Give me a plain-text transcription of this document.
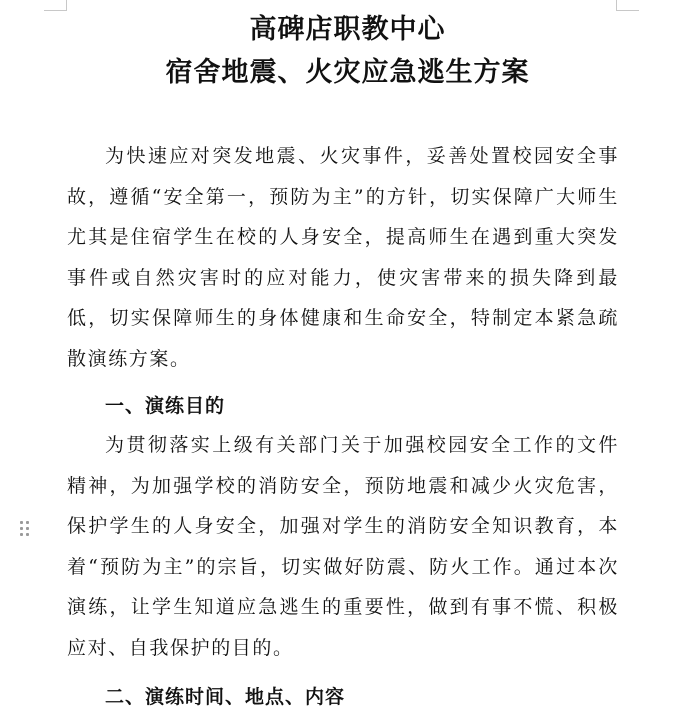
高碑店职教中心
宿舍地震、火灾应急逃生方案

为快速应对突发地震、火灾事件，妥善处置校园安全事故，遵循“安全第一，预防为主”的方针，切实保障广大师生尤其是住宿学生在校的人身安全，提高师生在遇到重大突发事件或自然灾害时的应对能力，使灾害带来的损失降到最低，切实保障师生的身体健康和生命安全，特制定本紧急疏散演练方案。

一、演练目的

为贯彻落实上级有关部门关于加强校园安全工作的文件精神，为加强学校的消防安全，预防地震和减少火灾危害，保护学生的人身安全，加强对学生的消防安全知识教育，本着“预防为主”的宗旨，切实做好防震、防火工作。通过本次演练，让学生知道应急逃生的重要性，做到有事不慌、积极应对、自我保护的目的。

二、演练时间、地点、内容
